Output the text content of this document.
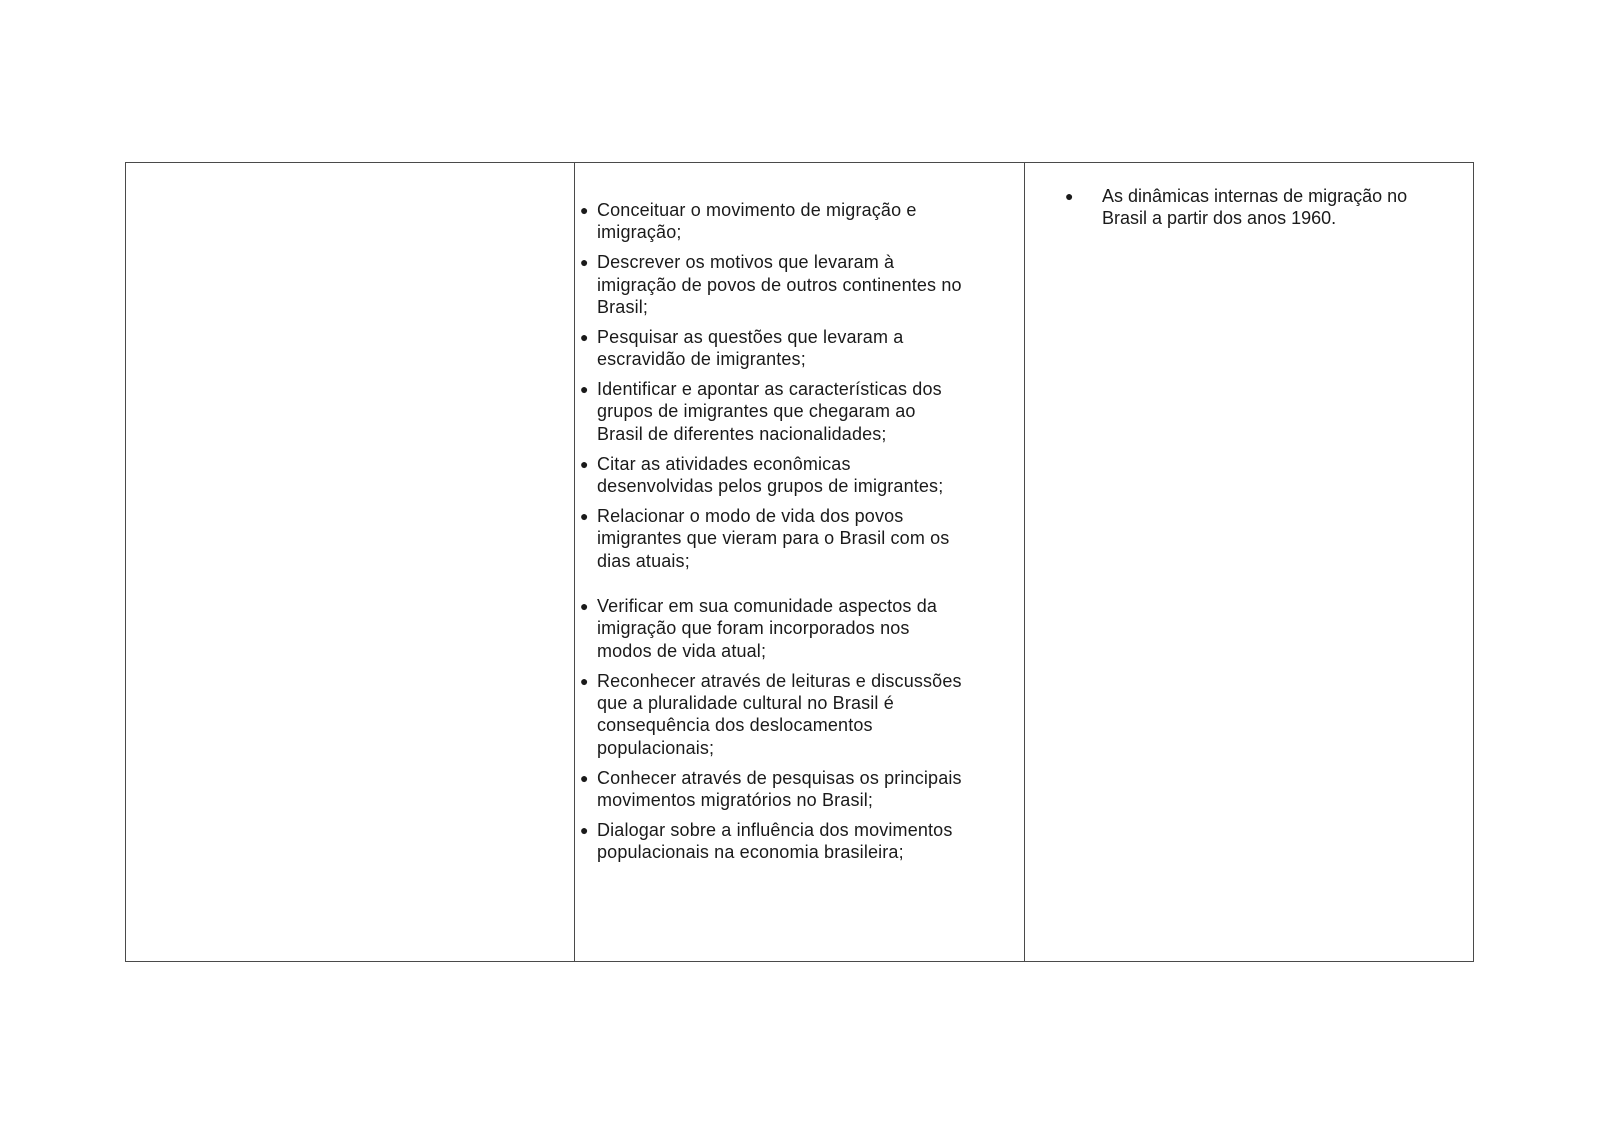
● Conceituar o movimento de migração e imigração;
● Descrever os motivos que levaram à imigração de povos de outros continentes no Brasil;
● Pesquisar as questões que levaram a escravidão de imigrantes;
● Identificar e apontar as características dos grupos de imigrantes que chegaram ao Brasil de diferentes nacionalidades;
● Citar as atividades econômicas desenvolvidas pelos grupos de imigrantes;
● Relacionar o modo de vida dos povos imigrantes que vieram para o Brasil com os dias atuais;
● Verificar em sua comunidade aspectos da imigração que foram incorporados nos modos de vida atual;
● Reconhecer através de leituras e discussões que a pluralidade cultural no Brasil é consequência dos deslocamentos populacionais;
● Conhecer através de pesquisas os principais movimentos migratórios no Brasil;
● Dialogar sobre a influência dos movimentos populacionais na economia brasileira;
● As dinâmicas internas de migração no Brasil a partir dos anos 1960.
